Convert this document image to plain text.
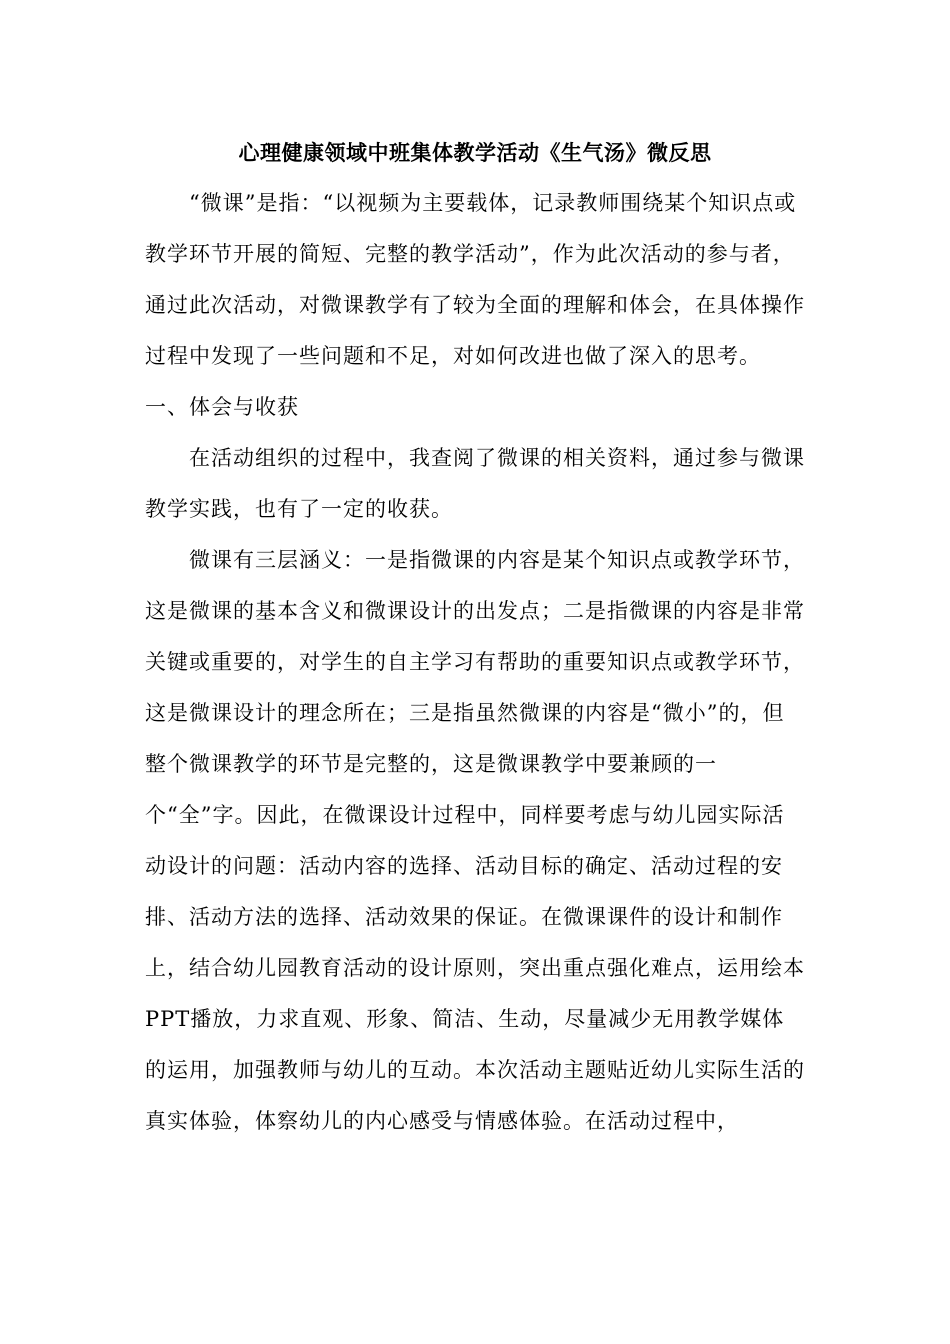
心理健康领域中班集体教学活动《生气汤》微反思

“微课”是指：“以视频为主要载体，记录教师围绕某个知识点或教学环节开展的简短、完整的教学活动”，作为此次活动的参与者，通过此次活动，对微课教学有了较为全面的理解和体会，在具体操作过程中发现了一些问题和不足，对如何改进也做了深入的思考。

一、体会与收获

在活动组织的过程中，我查阅了微课的相关资料，通过参与微课教学实践，也有了一定的收获。

微课有三层涵义：一是指微课的内容是某个知识点或教学环节，这是微课的基本含义和微课设计的出发点；二是指微课的内容是非常关键或重要的，对学生的自主学习有帮助的重要知识点或教学环节，这是微课设计的理念所在；三是指虽然微课的内容是“微小”的，但整个微课教学的环节是完整的，这是微课教学中要兼顾的一个“全”字。因此，在微课设计过程中，同样要考虑与幼儿园实际活动设计的问题：活动内容的选择、活动目标的确定、活动过程的安排、活动方法的选择、活动效果的保证。在微课课件的设计和制作上，结合幼儿园教育活动的设计原则，突出重点强化难点，运用绘本PPT播放，力求直观、形象、简洁、生动，尽量减少无用教学媒体的运用，加强教师与幼儿的互动。本次活动主题贴近幼儿实际生活的真实体验，体察幼儿的内心感受与情感体验。在活动过程中，
